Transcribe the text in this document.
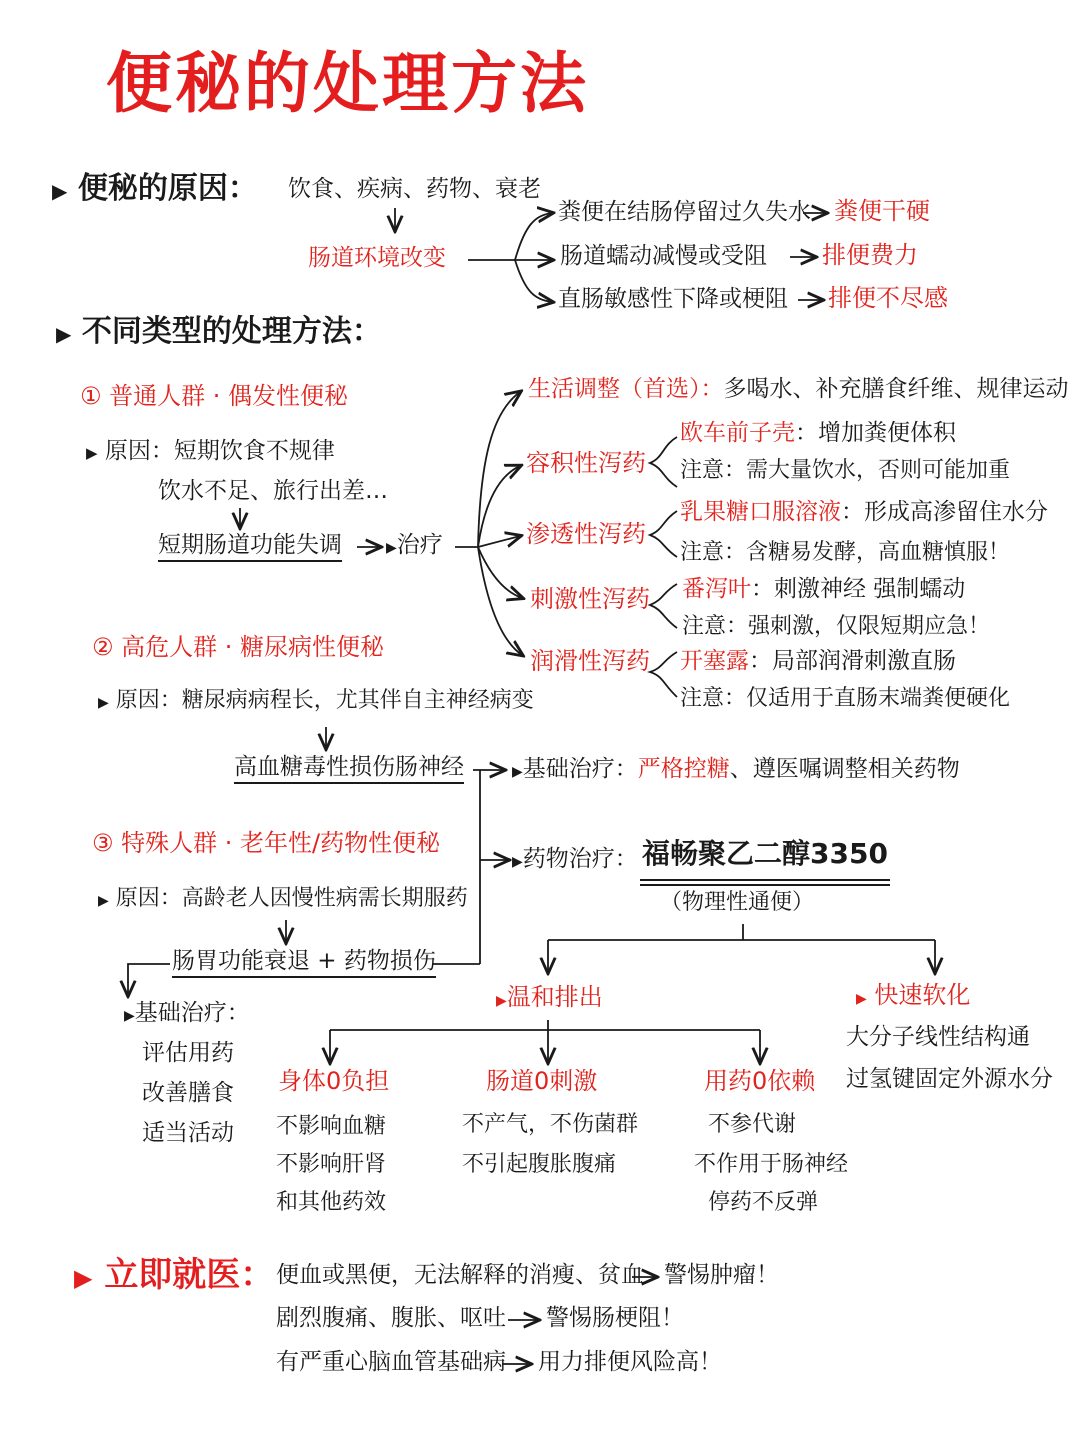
便秘的处理方法
▶ 便秘的原因： 饮食、疾病、药物、衰老
肠道环境改变
粪便在结肠停留过久失水 粪便干硬
肠道蠕动减慢或受阻 排便费力
直肠敏感性下降或梗阻 排便不尽感
▶ 不同类型的处理方法：
① 普通人群 · 偶发性便秘
▶ 原因：短期饮食不规律
饮水不足、旅行出差…
短期肠道功能失调	▶治疗
生活调整（首选）：多喝水、补充膳食纤维、规律运动
容积性泻药
欧车前子壳：增加粪便体积
注意：需大量饮水，否则可能加重
渗透性泻药
乳果糖口服溶液：形成高渗留住水分
注意：含糖易发酵，高血糖慎服！
刺激性泻药 番泻叶：刺激神经 强制蠕动
注意：强刺激，仅限短期应急！
润滑性泻药 开塞露：局部润滑刺激直肠
注意：仅适用于直肠末端粪便硬化
② 高危人群 · 糖尿病性便秘
▶ 原因：糖尿病病程长，尤其伴自主神经病变
高血糖毒性损伤肠神经	▶基础治疗：严格控糖、遵医嘱调整相关药物
③ 特殊人群 · 老年性/药物性便秘
▶ 原因：高龄老人因慢性病需长期服药
肠胃功能衰退 + 药物损伤
▶药物治疗： 福畅聚乙二醇3350
（物理性通便）
▶基础治疗：
评估用药
改善膳食
适当活动
▶温和排出	▶ 快速软化
大分子线性结构通
过氢键固定外源水分
身体0负担
不影响血糖
不影响肝肾
和其他药效
肠道0刺激
不产气，不伤菌群
不引起腹胀腹痛
用药0依赖
不参代谢
不作用于肠神经
停药不反弹
▶ 立即就医： 便血或黑便，无法解释的消瘦、贫血 警惕肿瘤！
剧烈腹痛、腹胀、呕吐 警惕肠梗阻！
有严重心脑血管基础病 用力排便风险高！
